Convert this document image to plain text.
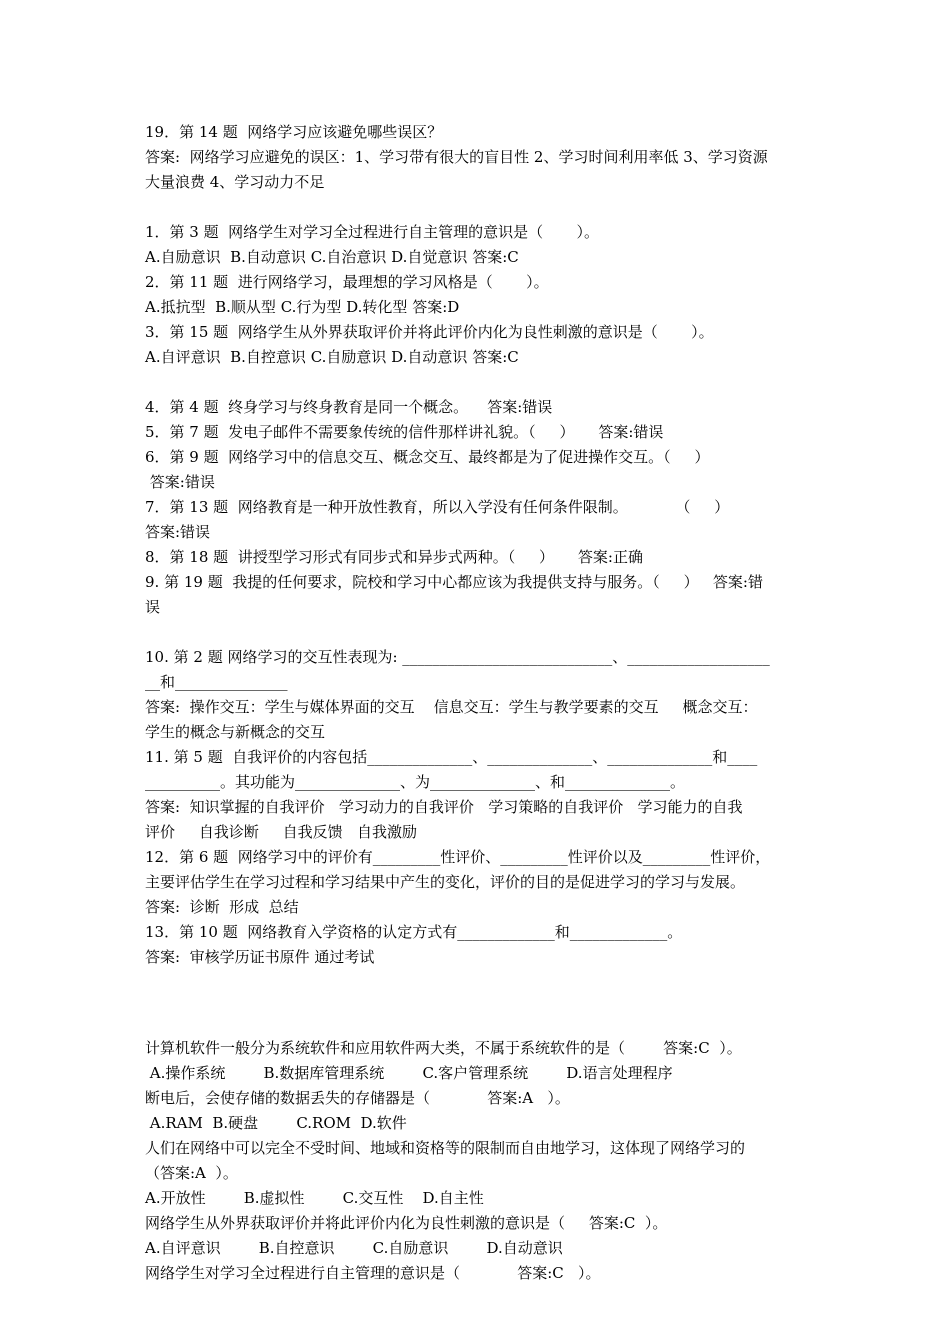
19．第 14 题  网络学习应该避免哪些误区？
答案:  网络学习应避免的误区：1、学习带有很大的盲目性 2、学习时间利用率低 3、学习资源
大量浪费 4、学习动力不足
1．第 3 题  网络学生对学习全过程进行自主管理的意识是（       ）。
A.自励意识  B.自动意识 C.自治意识 D.自觉意识 答案:C
2．第 11 题  进行网络学习，最理想的学习风格是（       ）。
A.抵抗型  B.顺从型 C.行为型 D.转化型 答案:D
3．第 15 题  网络学生从外界获取评价并将此评价内化为良性刺激的意识是（       ）。
A.自评意识  B.自控意识 C.自励意识 D.自动意识 答案:C
4．第 4 题  终身学习与终身教育是同一个概念。    答案:错误
5．第 7 题  发电子邮件不需要象传统的信件那样讲礼貌。（     ）     答案:错误
6．第 9 题  网络学习中的信息交互、概念交互、最终都是为了促进操作交互。（     ）
答案:错误
7．第 13 题  网络教育是一种开放性教育，所以入学没有任何条件限制。          （     ）
答案:错误
8．第 18 题  讲授型学习形式有同步式和异步式两种。（     ）     答案:正确
9. 第 19 题  我提的任何要求，院校和学习中心都应该为我提供支持与服务。（     ）   答案:错
误
10. 第 2 题 网络学习的交互性表现为: ____________________________、___________________
__和_______________
答案:  操作交互：学生与媒体界面的交互    信息交互：学生与教学要素的交互     概念交互：
学生的概念与新概念的交互
11. 第 5 题  自我评价的内容包括______________、______________、______________和____
__________。其功能为______________、为______________、和______________。
答案:  知识掌握的自我评价   学习动力的自我评价   学习策略的自我评价   学习能力的自我
评价     自我诊断     自我反馈   自我激励
12．第 6 题  网络学习中的评价有_________性评价、_________性评价以及_________性评价，
主要评估学生在学习过程和学习结果中产生的变化，评价的目的是促进学习的学习与发展。
答案:  诊断  形成  总结
13．第 10 题  网络教育入学资格的认定方式有_____________和_____________。
答案:  审核学历证书原件 通过考试
计算机软件一般分为系统软件和应用软件两大类，不属于系统软件的是（        答案:C  ）。
A.操作系统        B.数据库管理系统        C.客户管理系统        D.语言处理程序
断电后，会使存储的数据丢失的存储器是（            答案:A   ）。
A.RAM  B.硬盘        C.ROM  D.软件
人们在网络中可以完全不受时间、地域和资格等的限制而自由地学习，这体现了网络学习的
（答案:A  ）。
A.开放性        B.虚拟性        C.交互性    D.自主性
网络学生从外界获取评价并将此评价内化为良性刺激的意识是（     答案:C  ）。
A.自评意识        B.自控意识        C.自励意识        D.自动意识
网络学生对学习全过程进行自主管理的意识是（            答案:C   ）。
